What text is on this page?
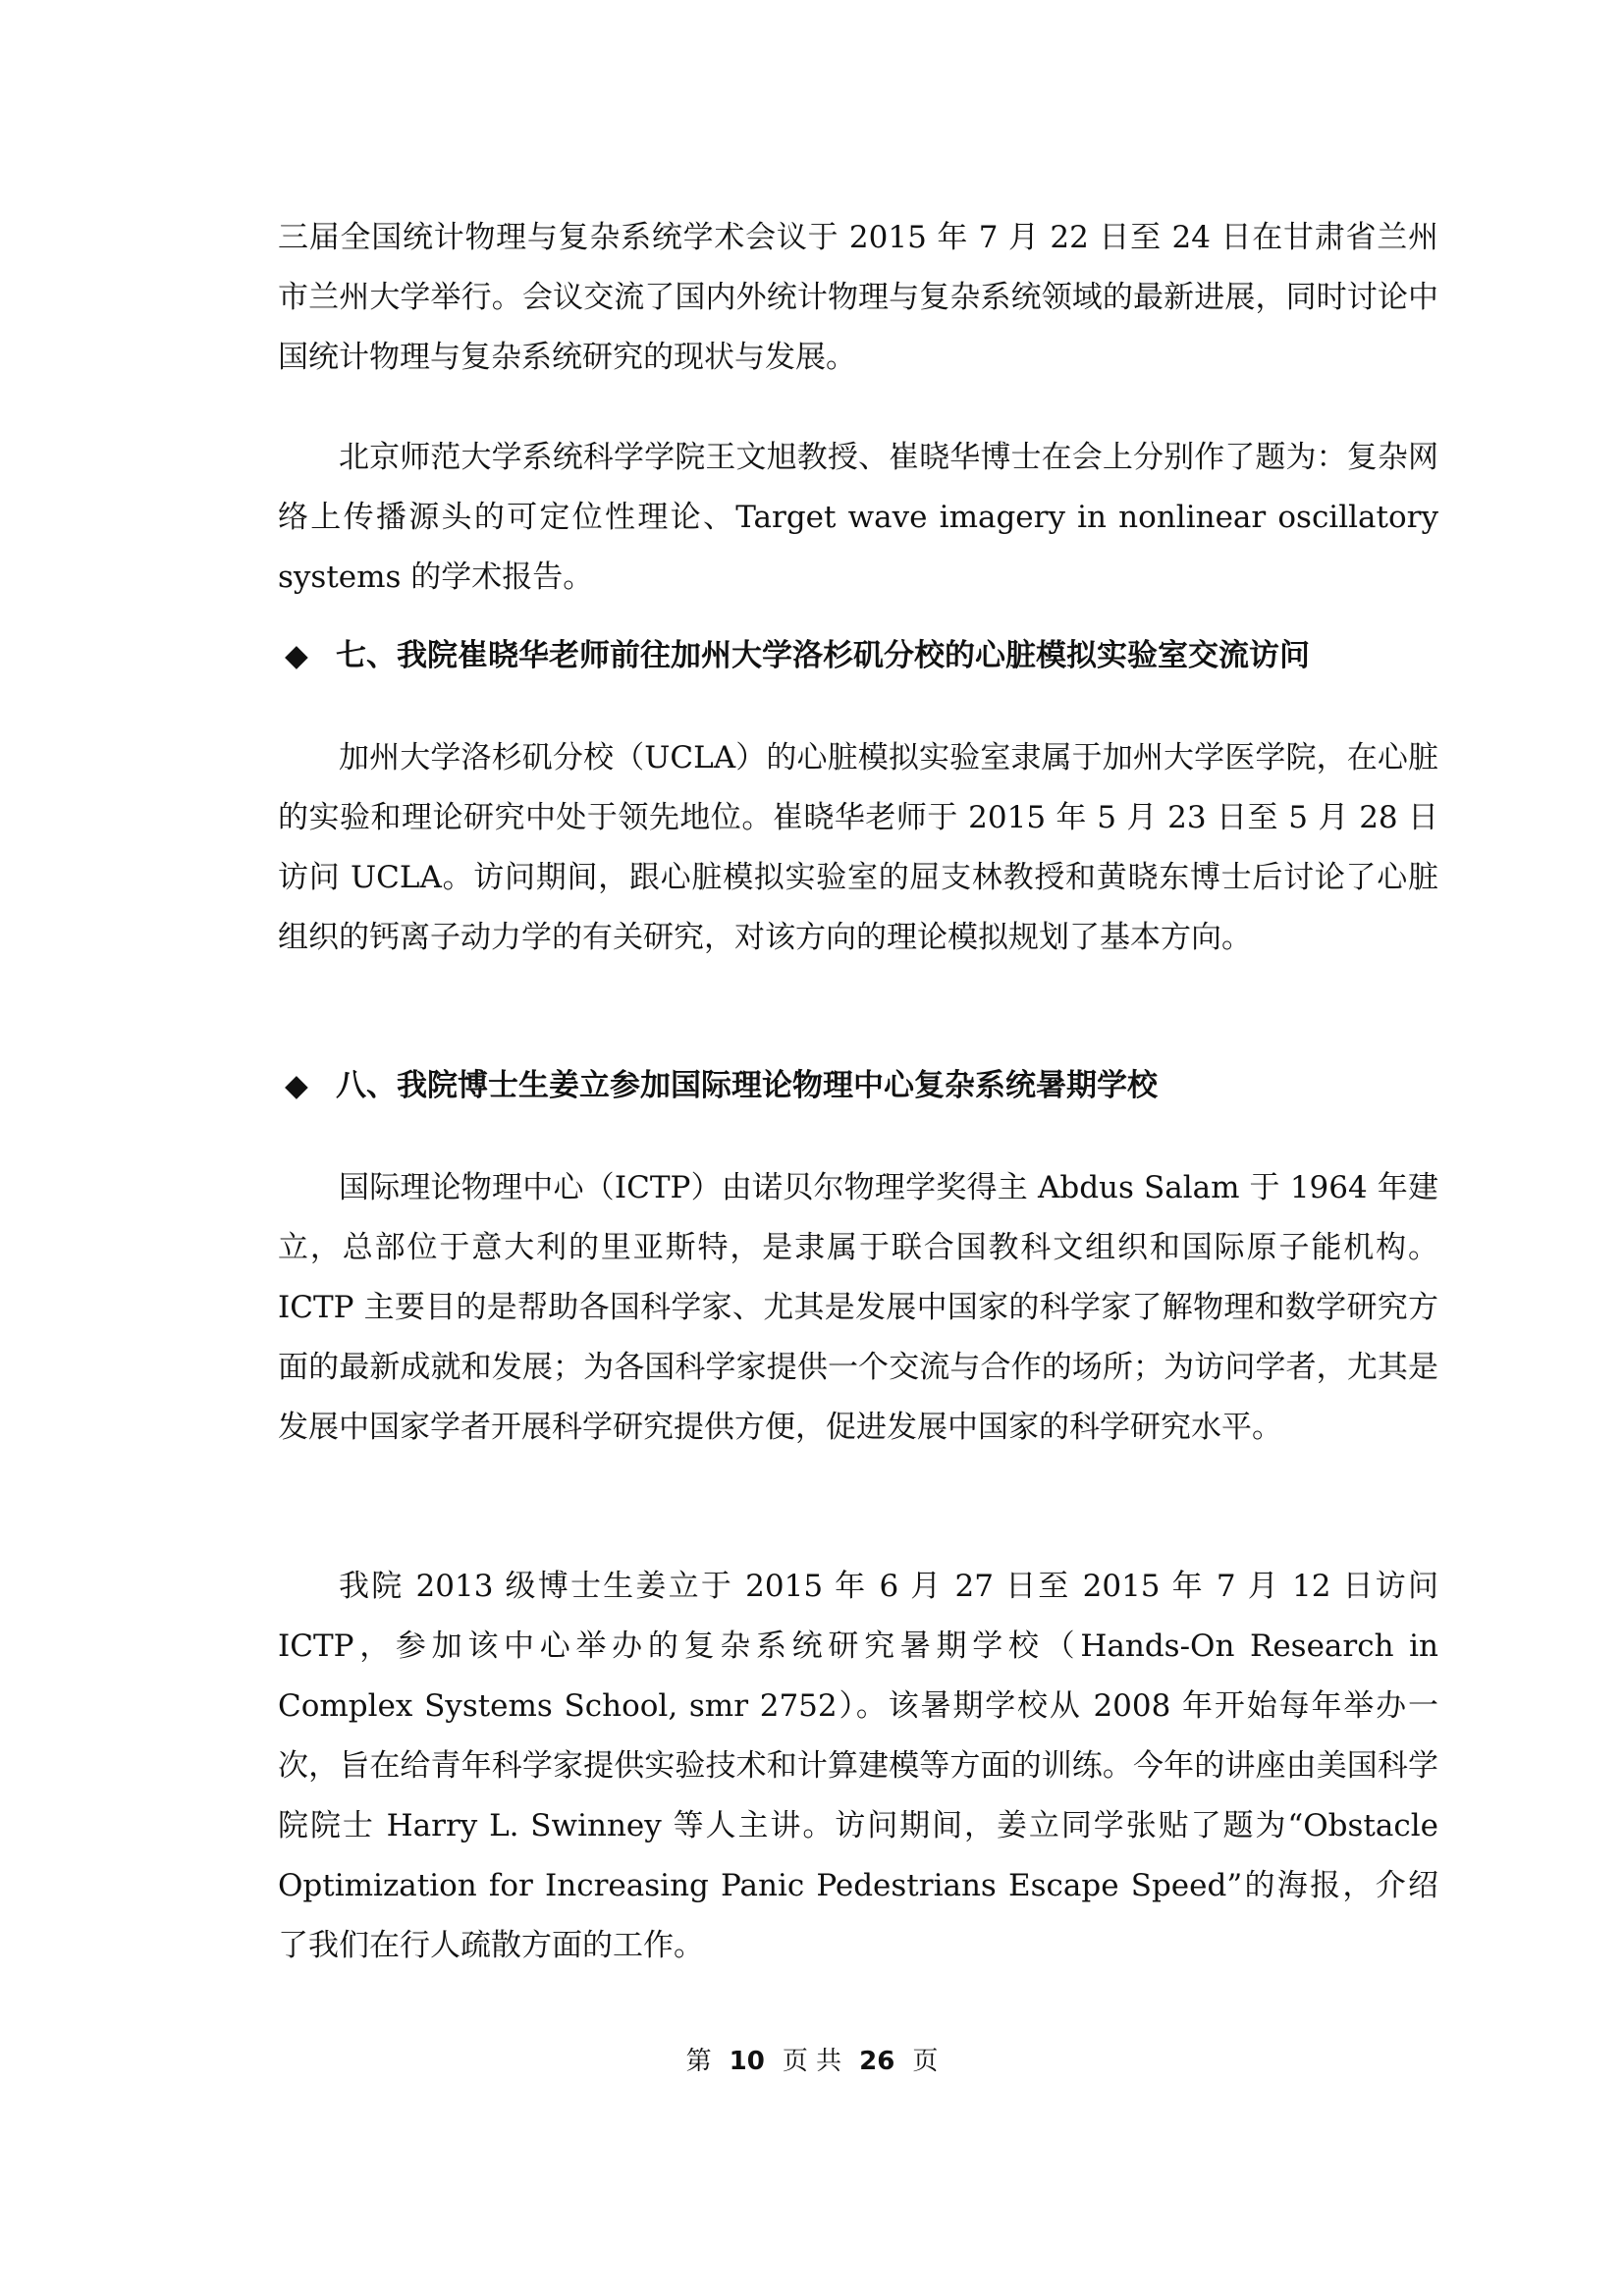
三届全国统计物理与复杂系统学术会议于 2015 年 7 月 22 日至 24 日在甘肃省兰州市兰州大学举行。会议交流了国内外统计物理与复杂系统领域的最新进展，同时讨论中国统计物理与复杂系统研究的现状与发展。

北京师范大学系统科学学院王文旭教授、崔晓华博士在会上分别作了题为：复杂网络上传播源头的可定位性理论、Target wave imagery in nonlinear oscillatory systems 的学术报告。

◆ 七、我院崔晓华老师前往加州大学洛杉矶分校的心脏模拟实验室交流访问

加州大学洛杉矶分校（UCLA）的心脏模拟实验室隶属于加州大学医学院，在心脏的实验和理论研究中处于领先地位。崔晓华老师于 2015 年 5 月 23 日至 5 月 28 日访问 UCLA。访问期间，跟心脏模拟实验室的屈支林教授和黄晓东博士后讨论了心脏组织的钙离子动力学的有关研究，对该方向的理论模拟规划了基本方向。

◆ 八、我院博士生姜立参加国际理论物理中心复杂系统暑期学校

国际理论物理中心（ICTP）由诺贝尔物理学奖得主 Abdus Salam 于 1964 年建立，总部位于意大利的里亚斯特，是隶属于联合国教科文组织和国际原子能机构。ICTP 主要目的是帮助各国科学家、尤其是发展中国家的科学家了解物理和数学研究方面的最新成就和发展；为各国科学家提供一个交流与合作的场所；为访问学者，尤其是发展中国家学者开展科学研究提供方便，促进发展中国家的科学研究水平。

我院 2013 级博士生姜立于 2015 年 6 月 27 日至 2015 年 7 月 12 日访问 ICTP，参加该中心举办的复杂系统研究暑期学校（Hands-On Research in Complex Systems School, smr 2752）。该暑期学校从 2008 年开始每年举办一次，旨在给青年科学家提供实验技术和计算建模等方面的训练。今年的讲座由美国科学院院士 Harry L. Swinney 等人主讲。访问期间，姜立同学张贴了题为“Obstacle Optimization for Increasing Panic Pedestrians Escape Speed”的海报，介绍了我们在行人疏散方面的工作。

第 10 页 共 26 页
